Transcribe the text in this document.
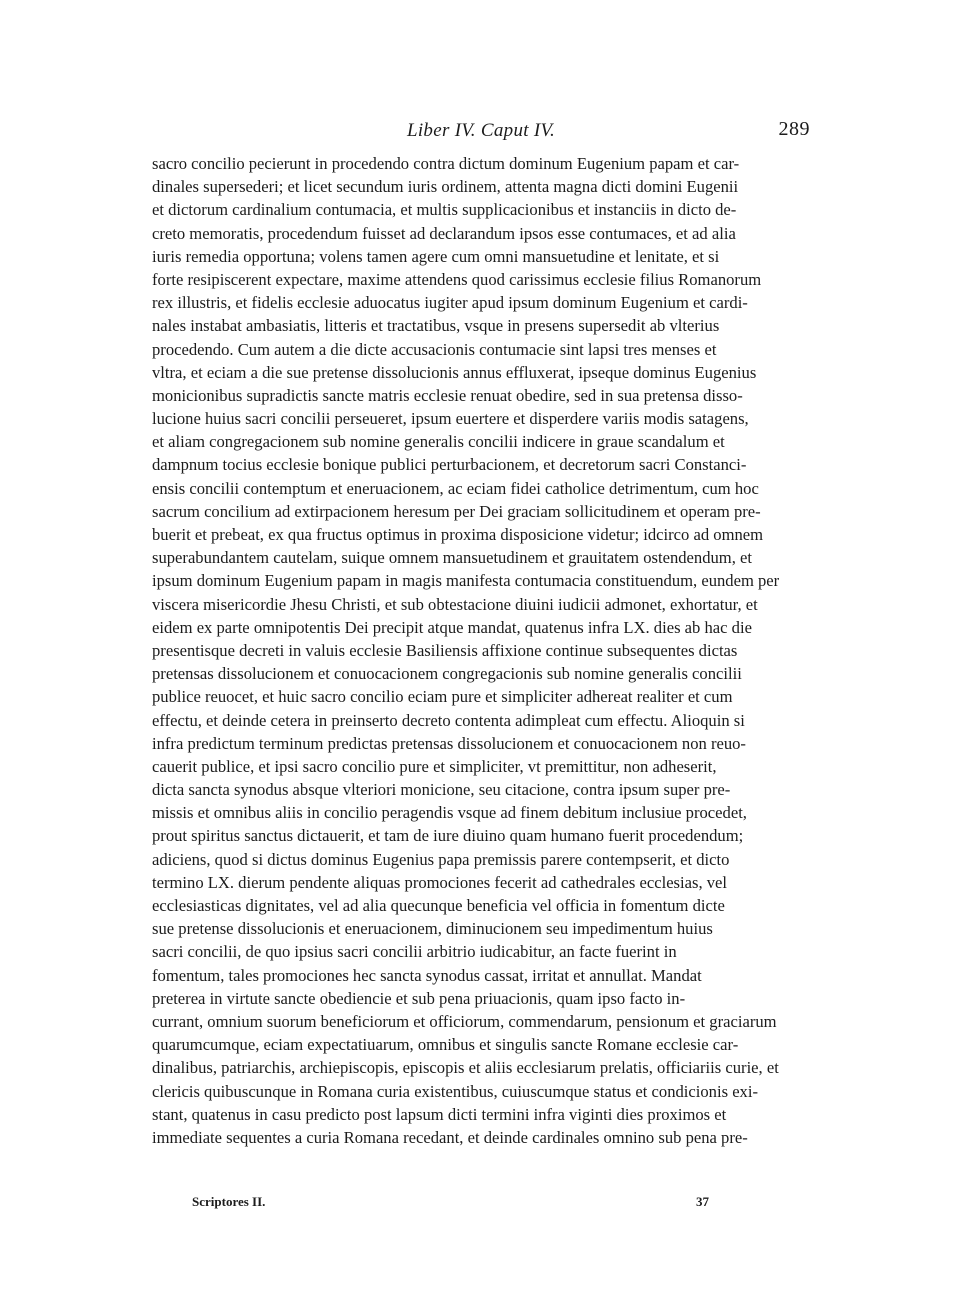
Liber IV. Caput IV.	289
sacro concilio pecierunt in procedendo contra dictum dominum Eugenium papam et car-
dinales supersederi; et licet secundum iuris ordinem, attenta magna dicti domini Eugenii
et dictorum cardinalium contumacia, et multis supplicacionibus et instanciis in dicto de-
creto memoratis, procedendum fuisset ad declarandum ipsos esse contumaces, et ad alia
iuris remedia opportuna; volens tamen agere cum omni mansuetudine et lenitate, et si
forte resipiscerent expectare, maxime attendens quod carissimus ecclesie filius Romanorum
rex illustris, et fidelis ecclesie aduocatus iugiter apud ipsum dominum Eugenium et cardi-
nales instabat ambasiatis, litteris et tractatibus, vsque in presens supersedit ab vlterius
procedendo. Cum autem a die dicte accusacionis contumacie sint lapsi tres menses et
vltra, et eciam a die sue pretense dissolucionis annus effluxerat, ipseque dominus Eugenius
monicionibus supradictis sancte matris ecclesie renuat obedire, sed in sua pretensa disso-
lucione huius sacri concilii perseueret, ipsum euertere et disperdere variis modis satagens,
et aliam congregacionem sub nomine generalis concilii indicere in graue scandalum et
dampnum tocius ecclesie bonique publici perturbacionem, et decretorum sacri Constanci-
ensis concilii contemptum et eneruacionem, ac eciam fidei catholice detrimentum, cum hoc
sacrum concilium ad extirpacionem heresum per Dei graciam sollicitudinem et operam pre-
buerit et prebeat, ex qua fructus optimus in proxima disposicione videtur; idcirco ad omnem
superabundantem cautelam, suique omnem mansuetudinem et grauitatem ostendendum, et
ipsum dominum Eugenium papam in magis manifesta contumacia constituendum, eundem per
viscera misericordie Jhesu Christi, et sub obtestacione diuini iudicii admonet, exhortatur, et
eidem ex parte omnipotentis Dei precipit atque mandat, quatenus infra LX. dies ab hac die
presentisque decreti in valuis ecclesie Basiliensis affixione continue subsequentes dictas
pretensas dissolucionem et conuocacionem congregacionis sub nomine generalis concilii
publice reuocet, et huic sacro concilio eciam pure et simpliciter adhereat realiter et cum
effectu, et deinde cetera in preinserto decreto contenta adimpleat cum effectu. Alioquin si
infra predictum terminum predictas pretensas dissolucionem et conuocacionem non reuo-
cauerit publice, et ipsi sacro concilio pure et simpliciter, vt premittitur, non adheserit,
dicta sancta synodus absque vlteriori monicione, seu citacione, contra ipsum super pre-
missis et omnibus aliis in concilio peragendis vsque ad finem debitum inclusiue procedet,
prout spiritus sanctus dictauerit, et tam de iure diuino quam humano fuerit procedendum;
adiciens, quod si dictus dominus Eugenius papa premissis parere contempserit, et dicto
termino LX. dierum pendente aliquas promociones fecerit ad cathedrales ecclesias, vel
ecclesiasticas dignitates, vel ad alia quecunque beneficia vel officia in fomentum dicte
sue pretense dissolucionis et eneruacionem, diminucionem seu impedimentum huius
sacri concilii, de quo ipsius sacri concilii arbitrio iudicabitur, an facte fuerint in
fomentum, tales promociones hec sancta synodus cassat, irritat et annullat. Mandat
preterea in virtute sancte obediencie et sub pena priuacionis, quam ipso facto in-
currant, omnium suorum beneficiorum et officiorum, commendarum, pensionum et graciarum
quarumcumque, eciam expectatiuarum, omnibus et singulis sancte Romane ecclesie car-
dinalibus, patriarchis, archiepiscopis, episcopis et aliis ecclesiarum prelatis, officiariis curie, et
clericis quibuscunque in Romana curia existentibus, cuiuscumque status et condicionis exi-
stant, quatenus in casu predicto post lapsum dicti termini infra viginti dies proximos et
immediate sequentes a curia Romana recedant, et deinde cardinales omnino sub pena pre-
Scriptores II.	37
